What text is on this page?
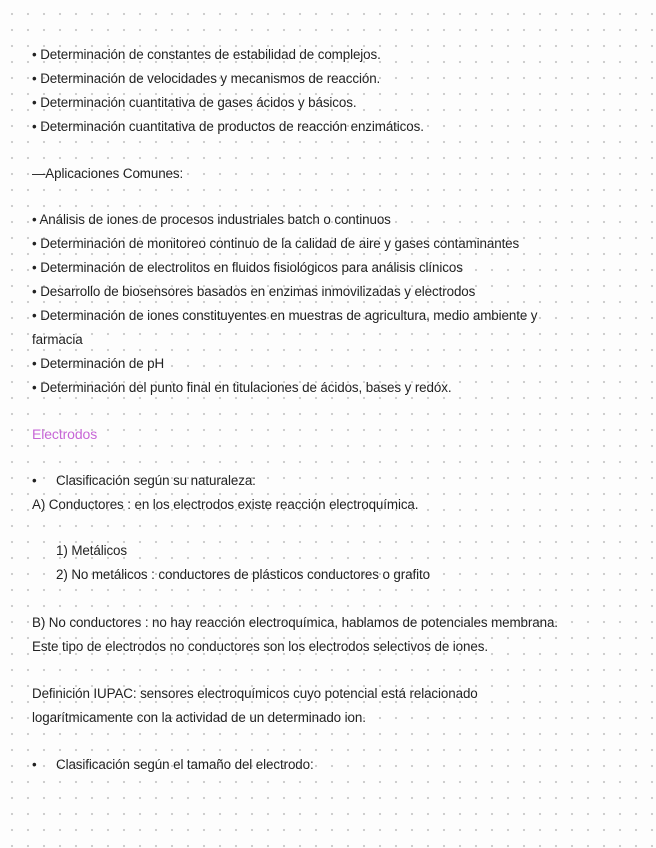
• Determinación de constantes de estabilidad de complejos.
• Determinación de velocidades y mecanismos de reacción.
• Determinación cuantitativa de gases ácidos y básicos.
• Determinación cuantitativa de productos de reacción enzimáticos.
—Aplicaciones Comunes:
• Análisis de iones de procesos industriales batch o continuos
• Determinación de monitoreo continuo de la calidad de aire y gases contaminantes
• Determinación de electrolitos en fluidos fisiológicos para análisis clínicos
• Desarrollo de biosensores basados en enzimas inmovilizadas y electrodos
• Determinación de iones constituyentes en muestras de agricultura, medio ambiente y
farmacia
• Determinación de pH
• Determinación del punto final en titulaciones de ácidos, bases y redóx.
Electrodos
• Clasificación según su naturaleza:
A) Conductores : en los electrodos existe reacción electroquímica.
1) Metálicos
2) No metálicos : conductores de plásticos conductores o grafito
B) No conductores : no hay reacción electroquímica, hablamos de potenciales membrana.
Este tipo de electrodos no conductores son los electrodos selectivos de iones.
Definición IUPAC: sensores electroquímicos cuyo potencial está relacionado
logarítmicamente con la actividad de un determinado ion.
• Clasificación según el tamaño del electrodo:
